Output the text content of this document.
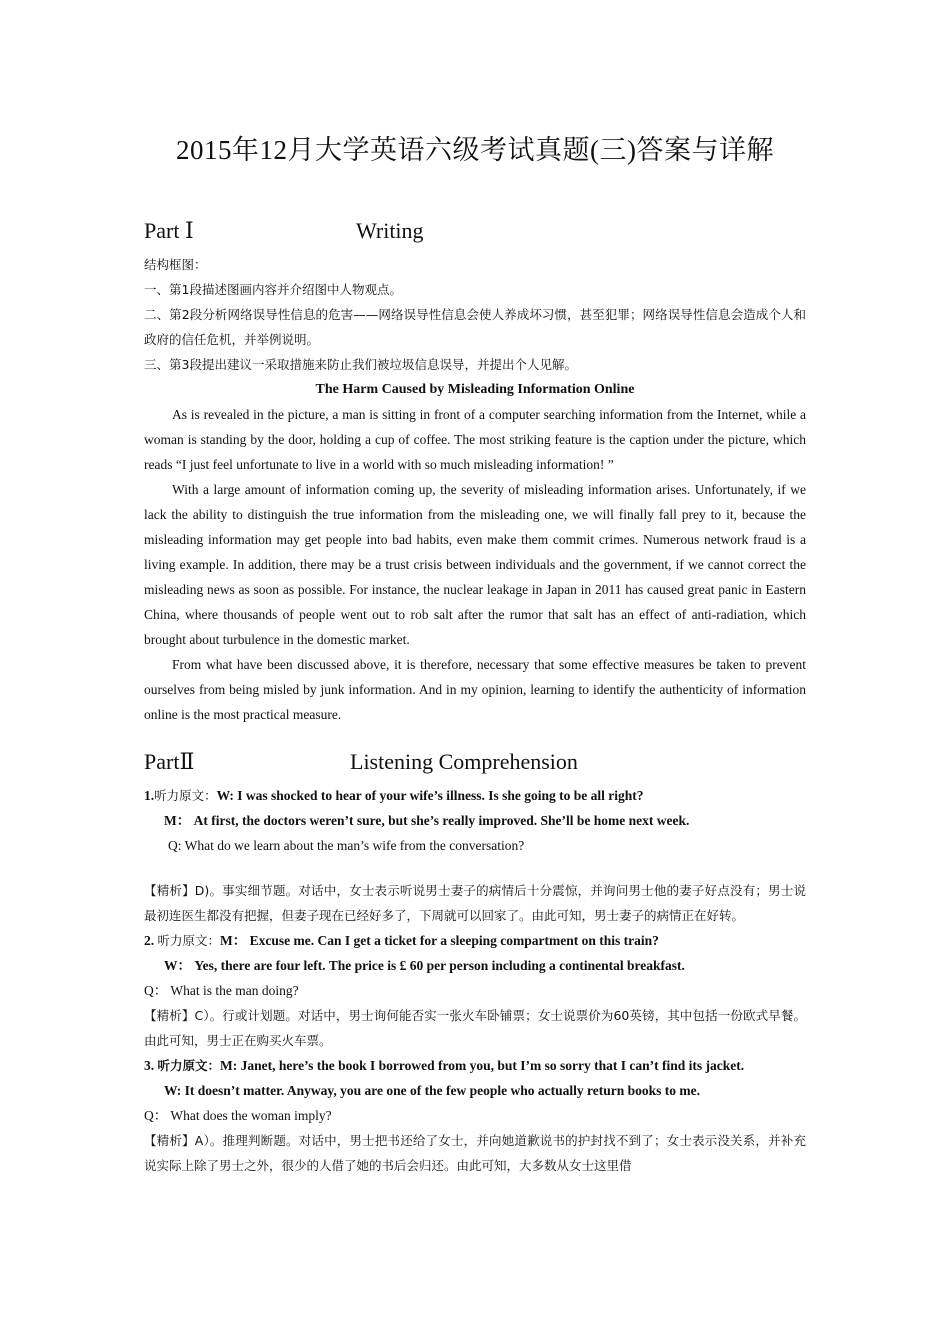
2015年12月大学英语六级考试真题(三)答案与详解
Part Ⅰ	Writing

结构框图：

一、第1段描述图画内容并介绍图中人物观点。

二、第2段分析网络误导性信息的危害——网络误导性信息会使人养成坏习惯，甚至犯罪；网络误导性信息会造成个人和政府的信任危机，并举例说明。

三、第3段提出建议一采取措施来防止我们被垃圾信息误导，并提出个人见解。

The Harm Caused by Misleading Information Online

As is revealed in the picture, a man is sitting in front of a computer searching information from the Internet, while a woman is standing by the door, holding a cup of coffee. The most striking feature is the caption under the picture, which reads “I just feel unfortunate to live in a world with so much misleading information! ”

With a large amount of information coming up, the severity of misleading information arises. Unfortunately, if we lack the ability to distinguish the true information from the misleading one, we will finally fall prey to it, because the misleading information may get people into bad habits, even make them commit crimes. Numerous network fraud is a living example. In addition, there may be a trust crisis between individuals and the government, if we cannot correct the misleading news as soon as possible. For instance, the nuclear leakage in Japan in 2011 has caused great panic in Eastern China, where thousands of people went out to rob salt after the rumor that salt has an effect of anti-radiation, which brought about turbulence in the domestic market.

From what have been discussed above, it is therefore, necessary that some effective measures be taken to prevent ourselves from being misled by junk information. And in my opinion, learning to identify the authenticity of information online is the most practical measure.

PartⅡ	Listening Comprehension

1.听力原文：W: I was shocked to hear of your wife’s illness. Is she going to be all right?

M： At first, the doctors weren’t sure, but she’s really improved. She’ll be home next week.

Q: What do we learn about the man’s wife from the conversation?

【精析】D)。事实细节题。对话中，女士表示听说男士妻子的病情后十分震惊，并询问男士他的妻子好点没有；男士说最初连医生都没有把握，但妻子现在已经好多了，下周就可以回家了。由此可知，男士妻子的病情正在好转。

2. 听力原文：M： Excuse me. Can I get a ticket for a sleeping compartment on this train?

W： Yes, there are four left. The price is £ 60 per person including a continental breakfast.

Q： What is the man doing?

【精析】C）。行或计划题。对话中，男士询何能否实一张火车卧铺票；女士说票价为60英镑，其中包括一份欧式早餐。由此可知，男士正在购买火车票。

3. 听力原文：M: Janet, here’s the book I borrowed from you, but I’m so sorry that I can’t find its jacket.

W: It doesn’t matter. Anyway, you are one of the few people who actually return books to me.

Q： What does the woman imply?

【精析】A）。推理判断题。对话中，男士把书还给了女士，并向她道歉说书的护封找不到了；女士表示没关系，并补充说实际上除了男士之外，很少的人借了她的书后会归还。由此可知，大多数从女士这里借
